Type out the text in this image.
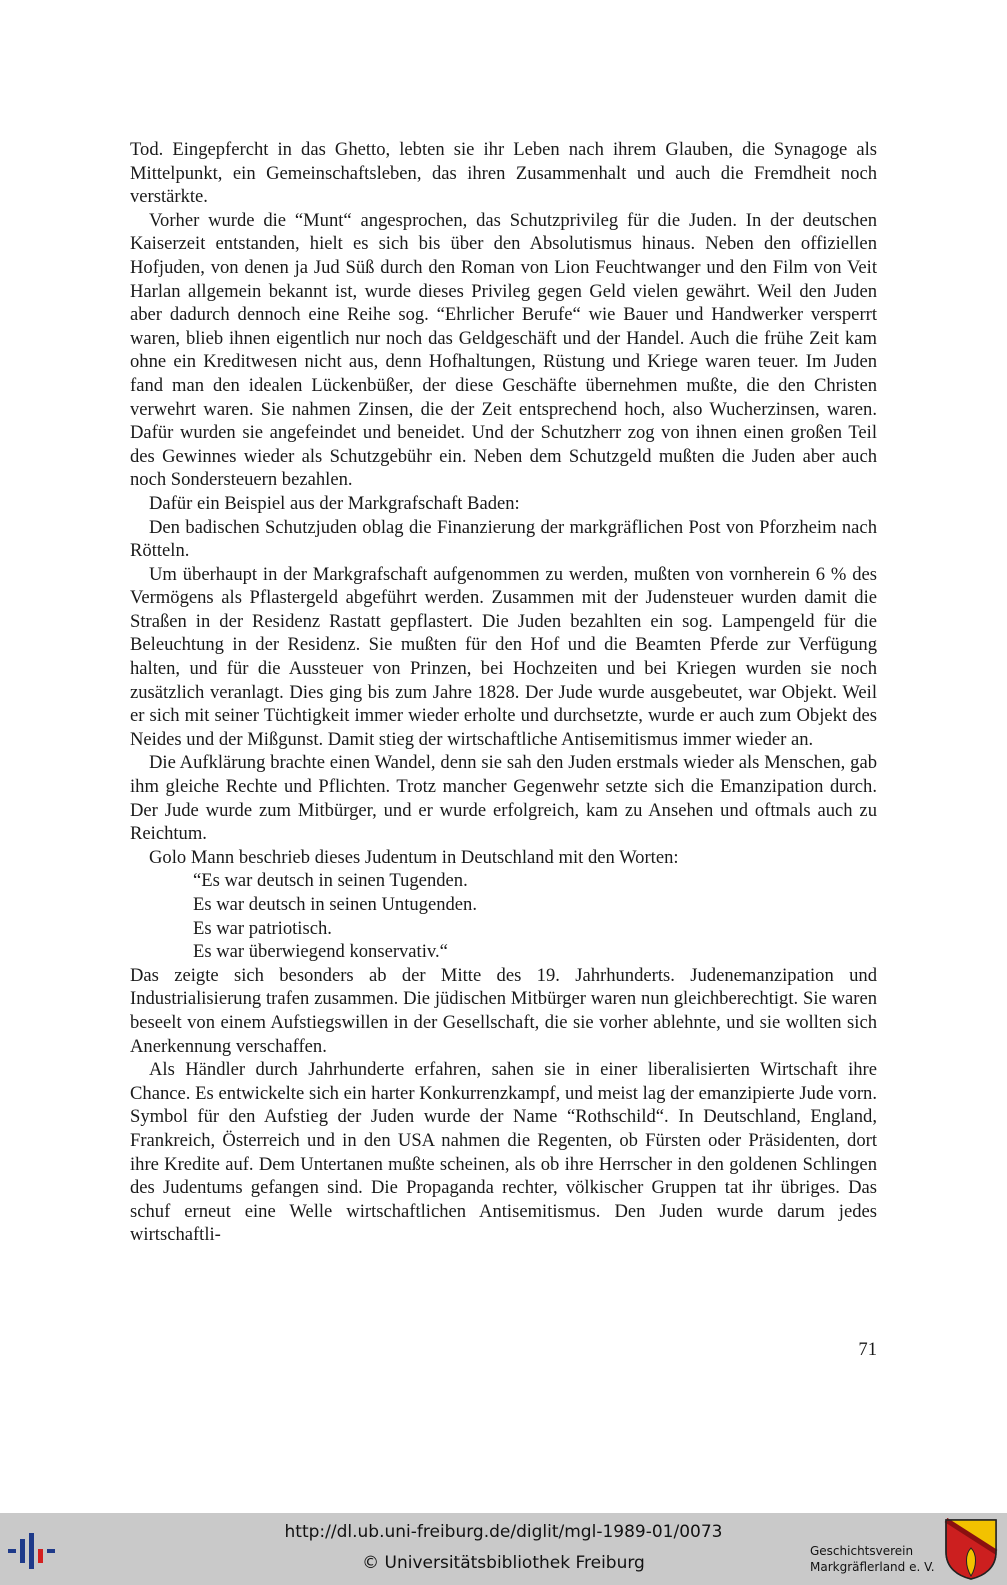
Tod. Eingepfercht in das Ghetto, lebten sie ihr Leben nach ihrem Glauben, die Synagoge als Mittelpunkt, ein Gemeinschaftsleben, das ihren Zusammenhalt und auch die Fremdheit noch verstärkte.

Vorher wurde die “Munt“ angesprochen, das Schutzprivileg für die Juden. In der deutschen Kaiserzeit entstanden, hielt es sich bis über den Absolutismus hinaus. Neben den offiziellen Hofjuden, von denen ja Jud Süß durch den Roman von Lion Feuchtwanger und den Film von Veit Harlan allgemein bekannt ist, wurde dieses Privileg gegen Geld vielen gewährt. Weil den Juden aber dadurch dennoch eine Reihe sog. “Ehrlicher Berufe“ wie Bauer und Handwerker versperrt waren, blieb ihnen eigentlich nur noch das Geldgeschäft und der Handel. Auch die frühe Zeit kam ohne ein Kreditwesen nicht aus, denn Hofhaltungen, Rüstung und Kriege waren teuer. Im Juden fand man den idealen Lückenbüßer, der diese Geschäfte übernehmen mußte, die den Christen verwehrt waren. Sie nahmen Zinsen, die der Zeit entsprechend hoch, also Wucherzinsen, waren. Dafür wurden sie angefeindet und beneidet. Und der Schutzherr zog von ihnen einen großen Teil des Gewinnes wieder als Schutzgebühr ein. Neben dem Schutzgeld mußten die Juden aber auch noch Sondersteuern bezahlen.

Dafür ein Beispiel aus der Markgrafschaft Baden:

Den badischen Schutzjuden oblag die Finanzierung der markgräflichen Post von Pforzheim nach Rötteln.

Um überhaupt in der Markgrafschaft aufgenommen zu werden, mußten von vornherein 6 % des Vermögens als Pflastergeld abgeführt werden. Zusammen mit der Judensteuer wurden damit die Straßen in der Residenz Rastatt gepflastert. Die Juden bezahlten ein sog. Lampengeld für die Beleuchtung in der Residenz. Sie mußten für den Hof und die Beamten Pferde zur Verfügung halten, und für die Aussteuer von Prinzen, bei Hochzeiten und bei Kriegen wurden sie noch zusätzlich veranlagt. Dies ging bis zum Jahre 1828. Der Jude wurde ausgebeutet, war Objekt. Weil er sich mit seiner Tüchtigkeit immer wieder erholte und durchsetzte, wurde er auch zum Objekt des Neides und der Mißgunst. Damit stieg der wirtschaftliche Antisemitismus immer wieder an.

Die Aufklärung brachte einen Wandel, denn sie sah den Juden erstmals wieder als Menschen, gab ihm gleiche Rechte und Pflichten. Trotz mancher Gegenwehr setzte sich die Emanzipation durch. Der Jude wurde zum Mitbürger, und er wurde erfolgreich, kam zu Ansehen und oftmals auch zu Reichtum.

Golo Mann beschrieb dieses Judentum in Deutschland mit den Worten:

“Es war deutsch in seinen Tugenden.
Es war deutsch in seinen Untugenden.
Es war patriotisch.
Es war überwiegend konservativ.“

Das zeigte sich besonders ab der Mitte des 19. Jahrhunderts. Judenemanzipation und Industrialisierung trafen zusammen. Die jüdischen Mitbürger waren nun gleichberechtigt. Sie waren beseelt von einem Aufstiegswillen in der Gesellschaft, die sie vorher ablehnte, und sie wollten sich Anerkennung verschaffen.

Als Händler durch Jahrhunderte erfahren, sahen sie in einer liberalisierten Wirtschaft ihre Chance. Es entwickelte sich ein harter Konkurrenzkampf, und meist lag der emanzipierte Jude vorn. Symbol für den Aufstieg der Juden wurde der Name “Rothschild“. In Deutschland, England, Frankreich, Österreich und in den USA nahmen die Regenten, ob Fürsten oder Präsidenten, dort ihre Kredite auf. Dem Untertanen mußte scheinen, als ob ihre Herrscher in den goldenen Schlingen des Judentums gefangen sind. Die Propaganda rechter, völkischer Gruppen tat ihr übriges. Das schuf erneut eine Welle wirtschaftlichen Antisemitismus. Den Juden wurde darum jedes wirtschaftli-

71
http://dl.ub.uni-freiburg.de/diglit/mgl-1989-01/0073
© Universitätsbibliothek Freiburg
Geschichtsverein
Markgräflerland e. V.
